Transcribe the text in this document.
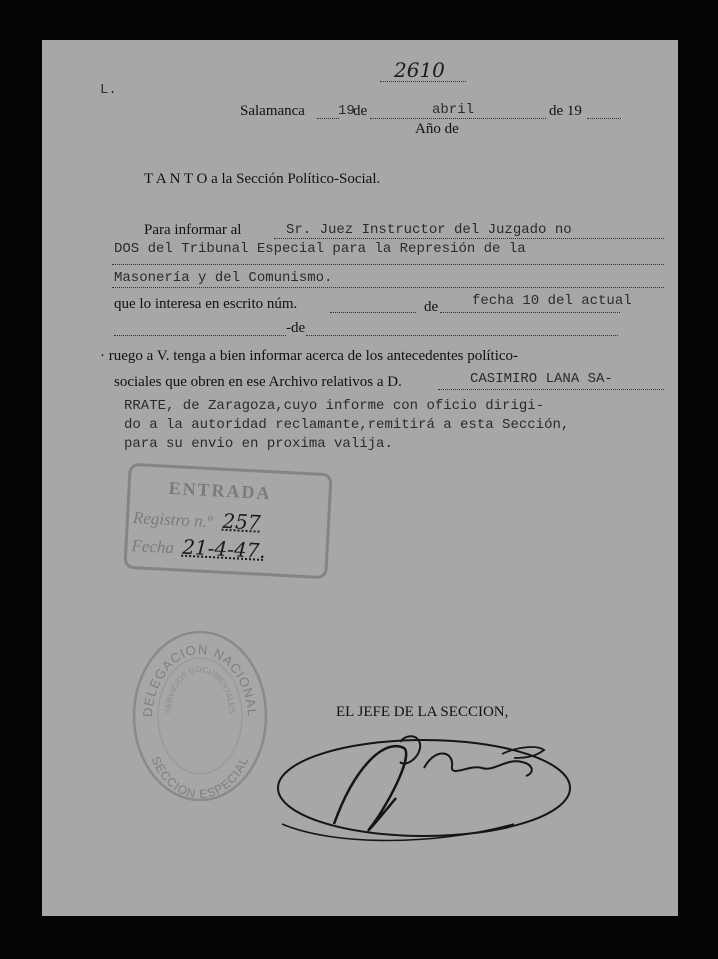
2610
L.
Salamanca 19
de	abril	de 19
Año de
T A N T O a la Sección Político-Social.
Para informar al	Sr. Juez Instructor del Juzgado no
DOS del Tribunal Especial para la Represión de la
Masonería y del Comunismo.
que lo interesa en escrito núm.	de fecha 10 del actual
-de
· ruego a V. tenga a bien informar acerca de los antecedentes político-
sociales que obren en ese Archivo relativos a D.	CASIMIRO LANA SA-
RRATE, de Zaragoza,cuyo informe con oficio dirigi-
do a la autoridad reclamante,remitirá a esta Sección,
para su envio en proxima valija.
ENTRADA
Registro n.º 257
Fecha 21-4-47.
DELEGACION NACIONAL
SERVICIOS DOCUMENTALES
SECCION ESPECIAL
EL JEFE DE LA SECCION,
